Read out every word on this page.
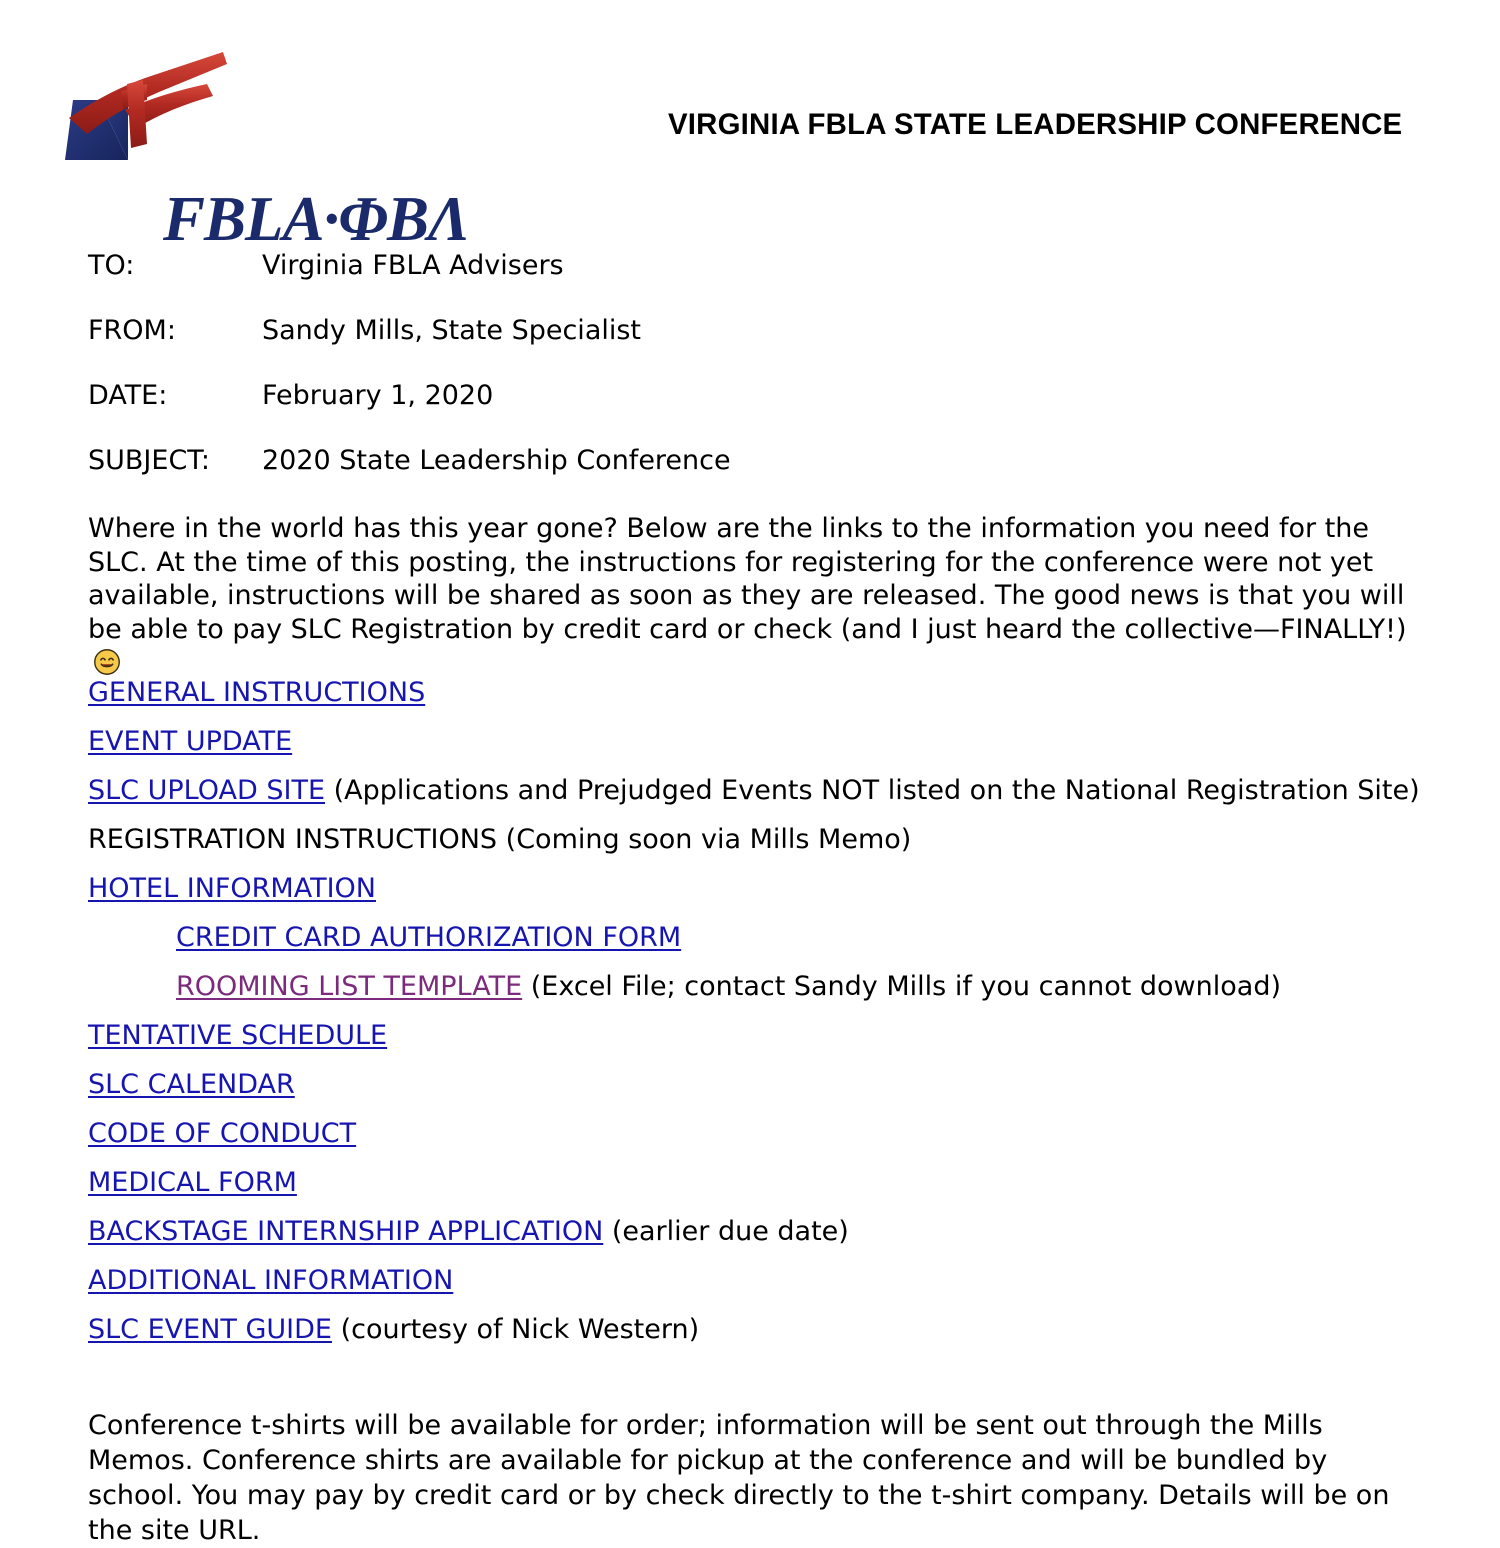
FBLA·ΦBΛ
VIRGINIA FBLA STATE LEADERSHIP CONFERENCE
TO:	Virginia FBLA Advisers
FROM:	Sandy Mills, State Specialist
DATE:	February 1, 2020
SUBJECT:	2020 State Leadership Conference
Where in the world has this year gone? Below are the links to the information you need for the SLC. At the time of this posting, the instructions for registering for the conference were not yet available, instructions will be shared as soon as they are released. The good news is that you will be able to pay SLC Registration by credit card or check (and I just heard the collective—FINALLY!)
GENERAL INSTRUCTIONS
EVENT UPDATE
SLC UPLOAD SITE (Applications and Prejudged Events NOT listed on the National Registration Site)
REGISTRATION INSTRUCTIONS (Coming soon via Mills Memo)
HOTEL INFORMATION
CREDIT CARD AUTHORIZATION FORM
ROOMING LIST TEMPLATE (Excel File; contact Sandy Mills if you cannot download)
TENTATIVE SCHEDULE
SLC CALENDAR
CODE OF CONDUCT
MEDICAL FORM
BACKSTAGE INTERNSHIP APPLICATION (earlier due date)
ADDITIONAL INFORMATION
SLC EVENT GUIDE (courtesy of Nick Western)
Conference t-shirts will be available for order; information will be sent out through the Mills Memos. Conference shirts are available for pickup at the conference and will be bundled by school. You may pay by credit card or by check directly to the t-shirt company. Details will be on the site URL.
